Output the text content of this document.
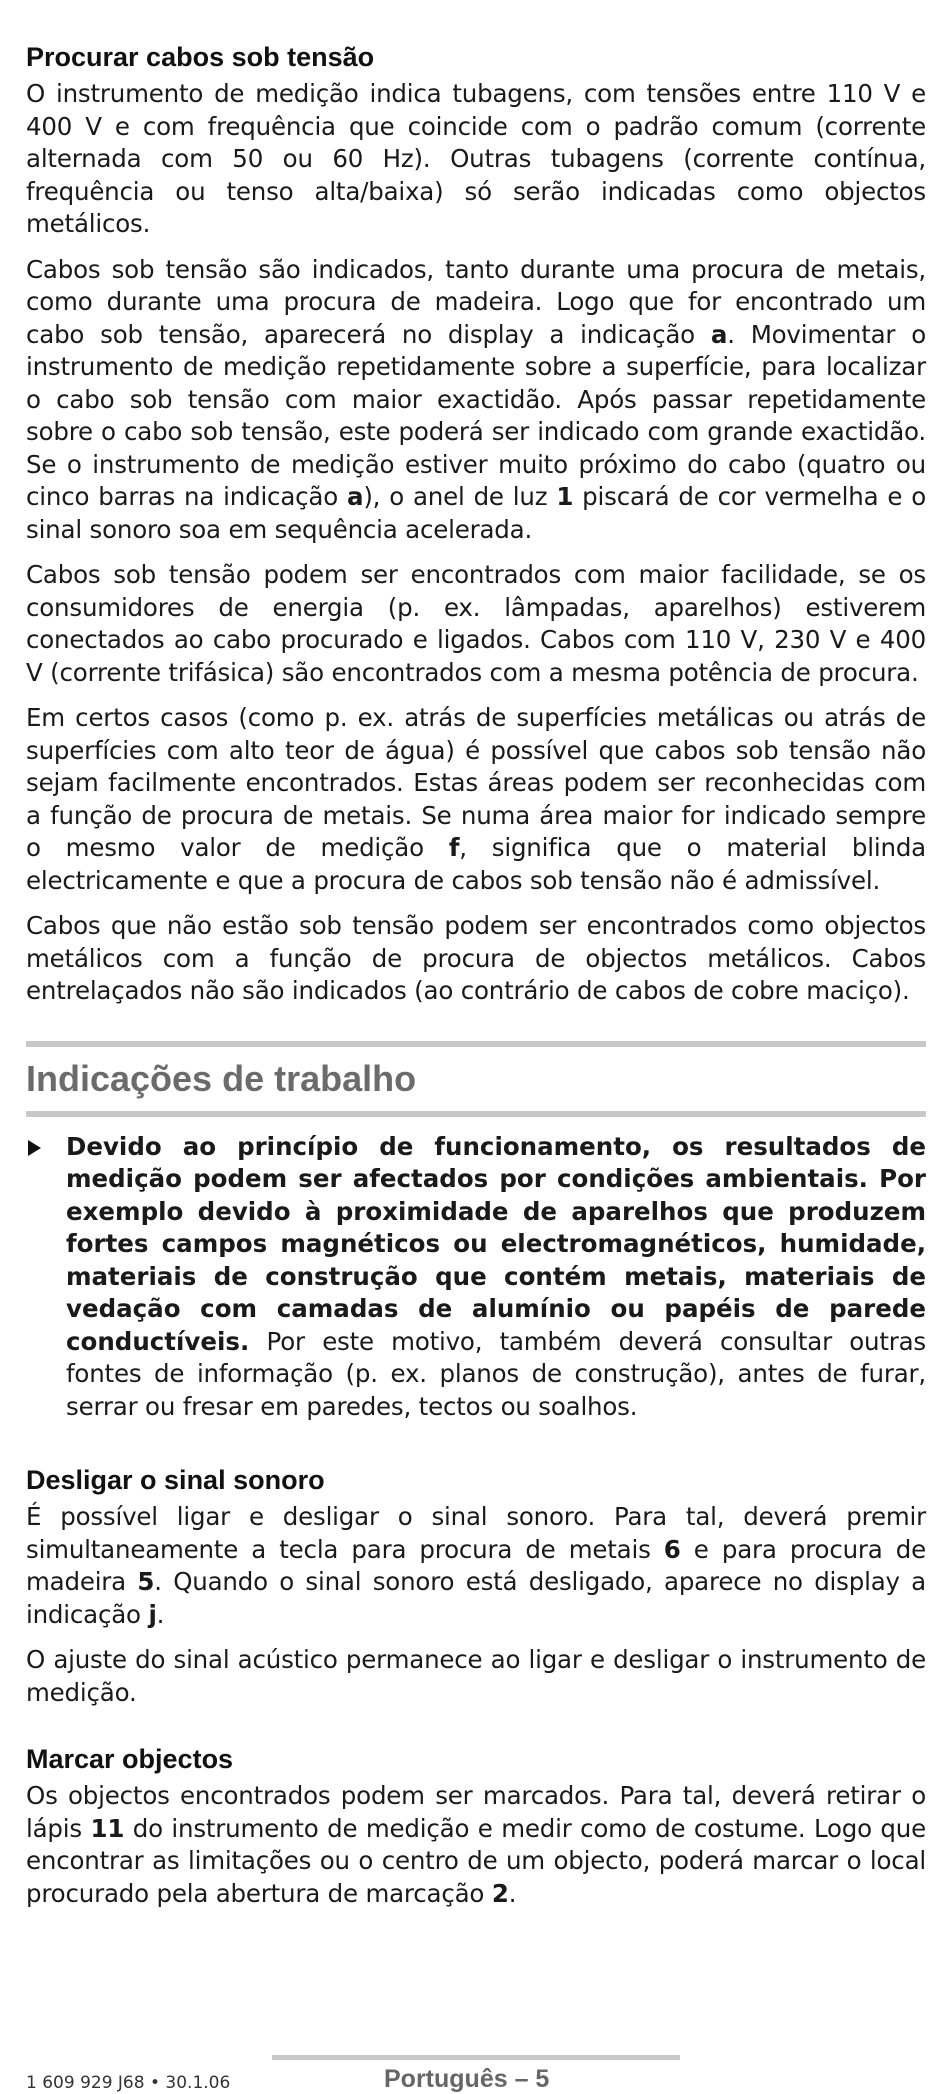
Procurar cabos sob tensão

O instrumento de medição indica tubagens, com tensões entre 110 V e 400 V e com frequência que coincide com o padrão comum (corrente alternada com 50 ou 60 Hz). Outras tubagens (corrente contínua, frequência ou tenso alta/baixa) só serão indicadas como objectos metálicos.

Cabos sob tensão são indicados, tanto durante uma procura de metais, como durante uma procura de madeira. Logo que for encontrado um cabo sob tensão, aparecerá no display a indicação a. Movimentar o instrumento de medição repetidamente sobre a superfície, para localizar o cabo sob tensão com maior exactidão. Após passar repetidamente sobre o cabo sob tensão, este poderá ser indicado com grande exactidão. Se o instrumento de medição estiver muito próximo do cabo (quatro ou cinco barras na indicação a), o anel de luz 1 piscará de cor vermelha e o sinal sonoro soa em sequência acelerada.

Cabos sob tensão podem ser encontrados com maior facilidade, se os consumidores de energia (p. ex. lâmpadas, aparelhos) estiverem conectados ao cabo procurado e ligados. Cabos com 110 V, 230 V e 400 V (corrente trifásica) são encontrados com a mesma potência de procura.

Em certos casos (como p. ex. atrás de superfícies metálicas ou atrás de superfícies com alto teor de água) é possível que cabos sob tensão não sejam facilmente encontrados. Estas áreas podem ser reconhecidas com a função de procura de metais. Se numa área maior for indicado sempre o mesmo valor de medição f, significa que o material blinda electricamente e que a procura de cabos sob tensão não é admissível.

Cabos que não estão sob tensão podem ser encontrados como objectos metálicos com a função de procura de objectos metálicos. Cabos entrelaçados não são indicados (ao contrário de cabos de cobre maciço).

Indicações de trabalho

Devido ao princípio de funcionamento, os resultados de medição podem ser afectados por condições ambientais. Por exemplo devido à proximidade de aparelhos que produzem fortes campos magnéticos ou electromagnéticos, humidade, materiais de construção que contém metais, materiais de vedação com camadas de alumínio ou papéis de parede conductíveis. Por este motivo, também deverá consultar outras fontes de informação (p. ex. planos de construção), antes de furar, serrar ou fresar em paredes, tectos ou soalhos.

Desligar o sinal sonoro

É possível ligar e desligar o sinal sonoro. Para tal, deverá premir simultaneamente a tecla para procura de metais 6 e para procura de madeira 5. Quando o sinal sonoro está desligado, aparece no display a indicação j.

O ajuste do sinal acústico permanece ao ligar e desligar o instrumento de medição.

Marcar objectos

Os objectos encontrados podem ser marcados. Para tal, deverá retirar o lápis 11 do instrumento de medição e medir como de costume. Logo que encontrar as limitações ou o centro de um objecto, poderá marcar o local procurado pela abertura de marcação 2.

1 609 929 J68 • 30.1.06	Português – 5
